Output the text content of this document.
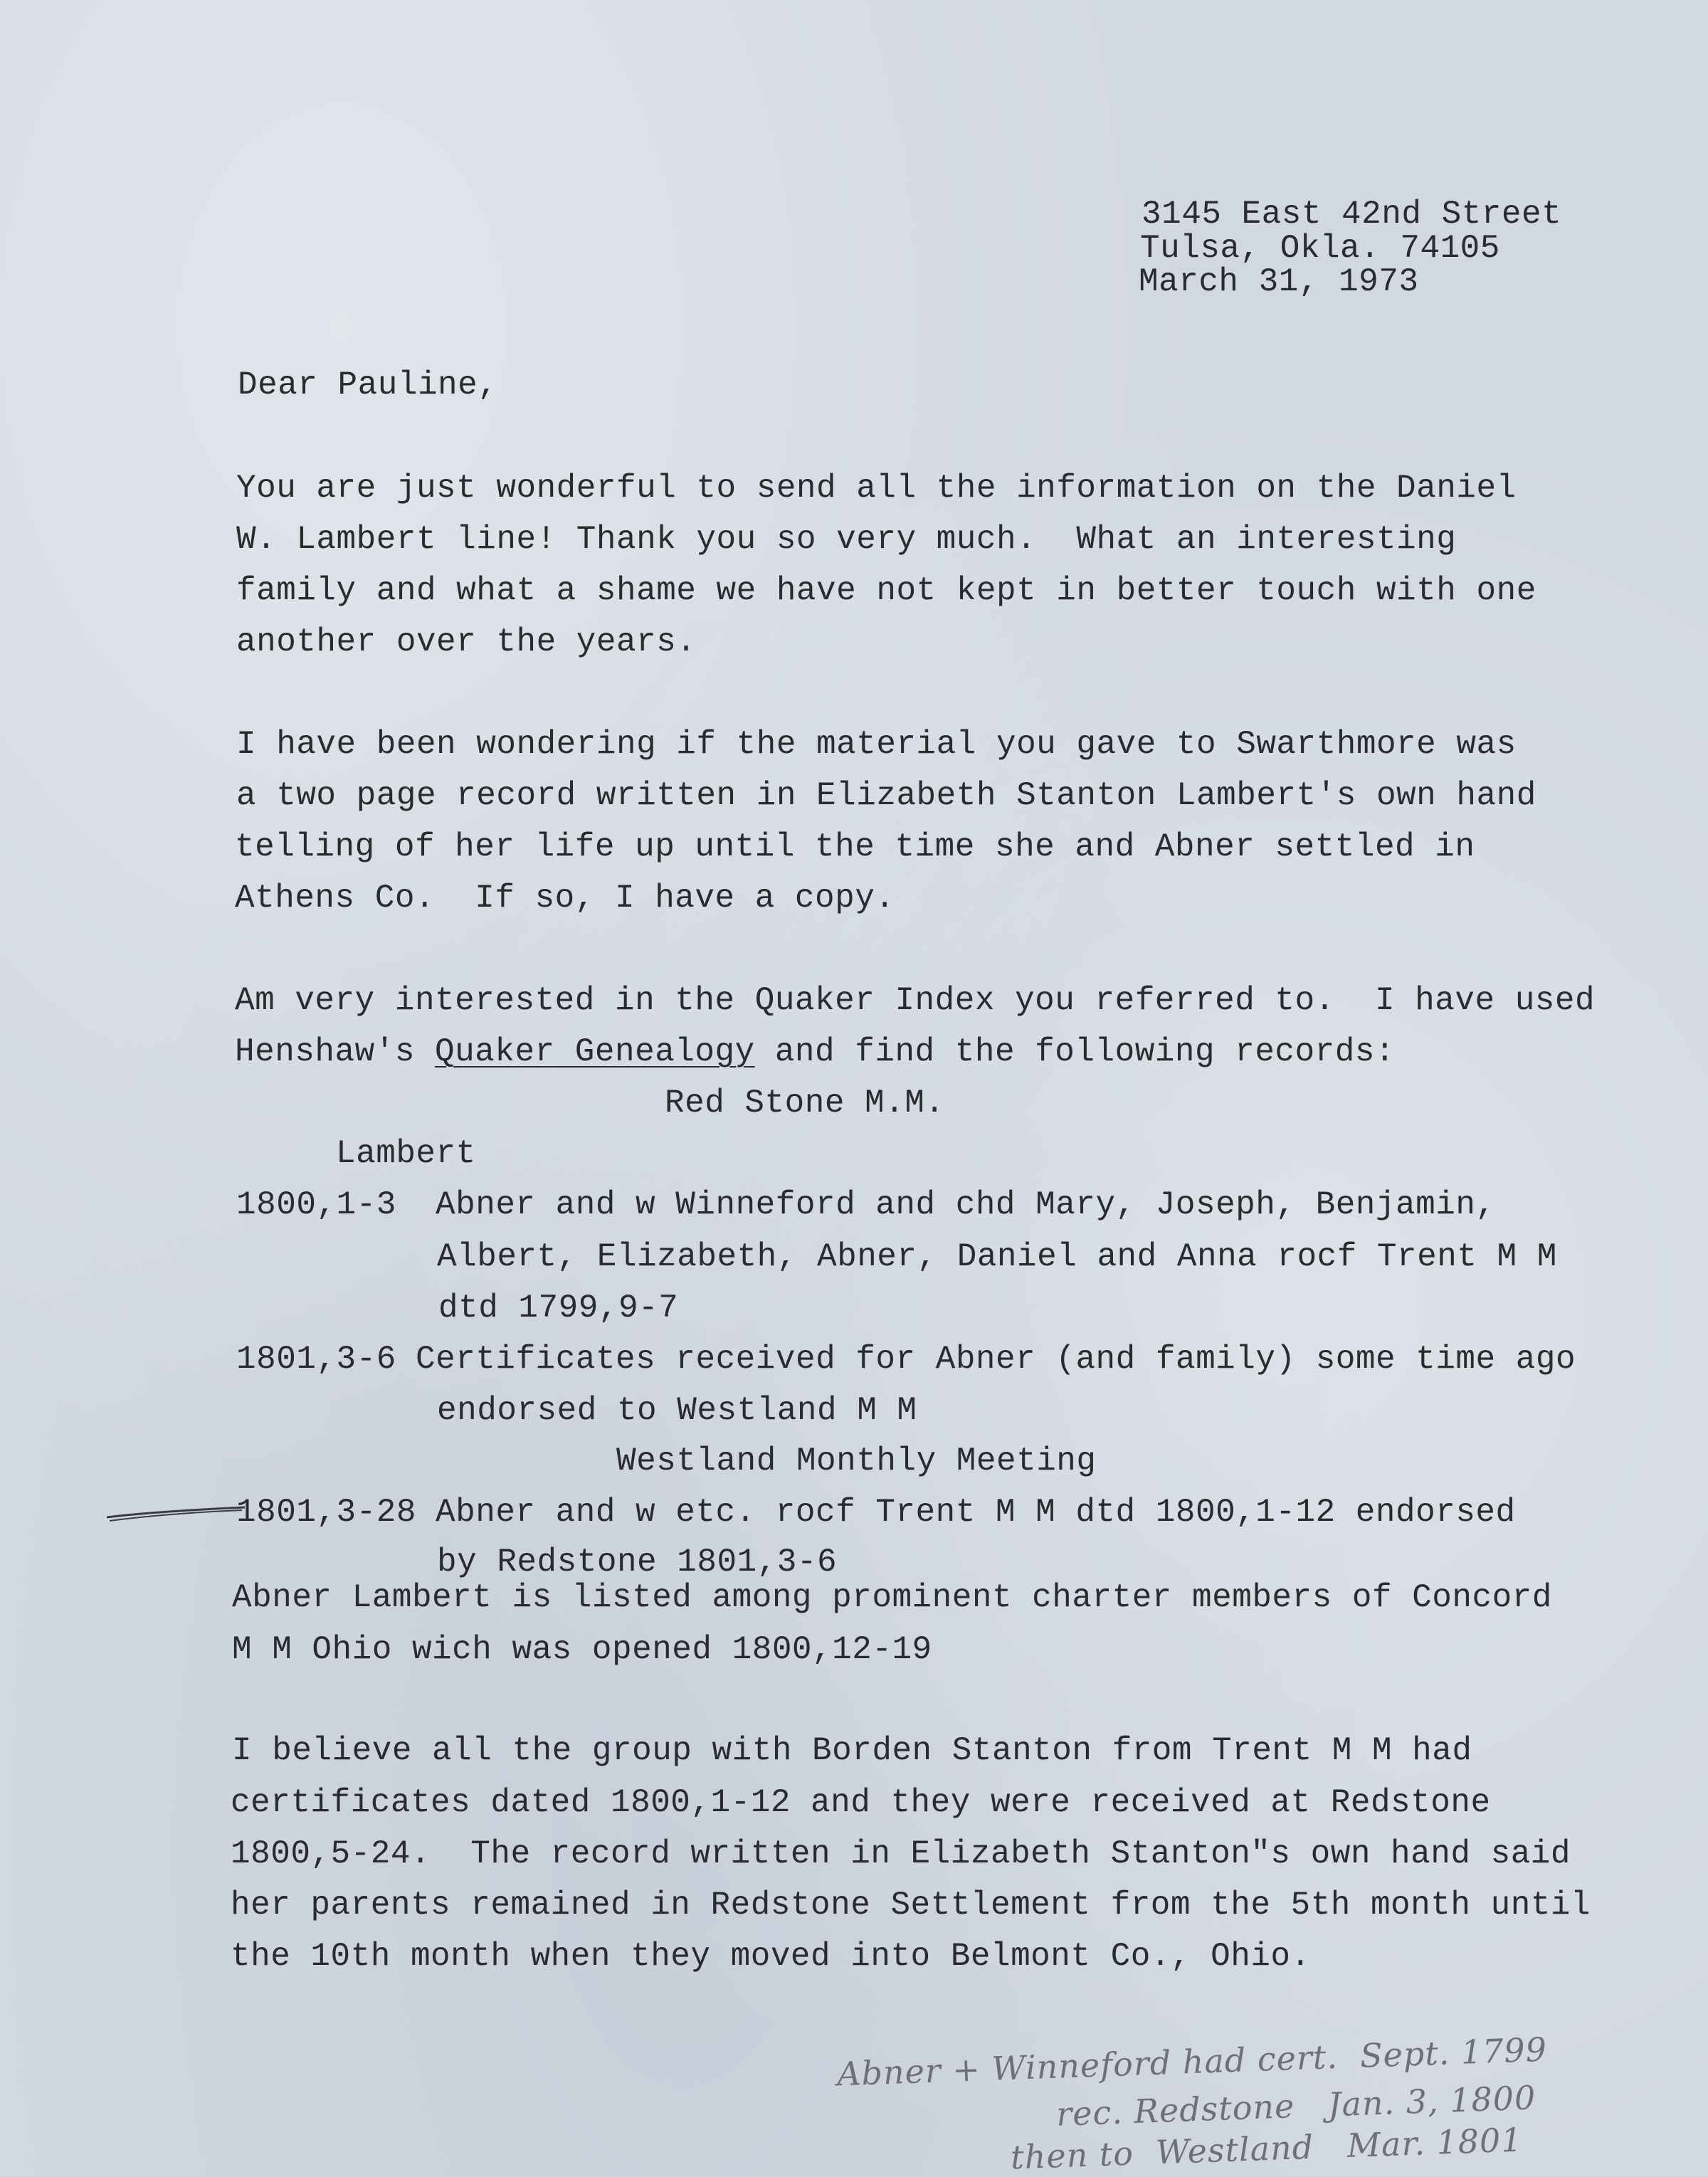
3145 East 42nd Street
Tulsa, Okla. 74105
March 31, 1973
Dear Pauline,
You are just wonderful to send all the information on the Daniel
W. Lambert line! Thank you so very much.  What an interesting
family and what a shame we have not kept in better touch with one
another over the years.
I have been wondering if the material you gave to Swarthmore was
a two page record written in Elizabeth Stanton Lambert's own hand
telling of her life up until the time she and Abner settled in
Athens Co.  If so, I have a copy.
Am very interested in the Quaker Index you referred to.  I have used
Henshaw's Quaker Genealogy and find the following records:
Red Stone M.M.
Lambert
1800,1-3 Abner and w Winneford and chd Mary, Joseph, Benjamin,
Albert, Elizabeth, Abner, Daniel and Anna rocf Trent M M
dtd 1799,9-7
1801,3-6 Certificates received for Abner (and family) some time ago
endorsed to Westland M M
Westland Monthly Meeting
1801,3-28 Abner and w etc. rocf Trent M M dtd 1800,1-12 endorsed
by Redstone 1801,3-6
Abner Lambert is listed among prominent charter members of Concord
M M Ohio wich was opened 1800,12-19
I believe all the group with Borden Stanton from Trent M M had
certificates dated 1800,1-12 and they were received at Redstone
1800,5-24.  The record written in Elizabeth Stanton"s own hand said
her parents remained in Redstone Settlement from the 5th month until
the 10th month when they moved into Belmont Co., Ohio.
Abner + Winneford had cert.  Sept. 1799
rec. Redstone   Jan. 3, 1800
then to  Westland   Mar. 1801
